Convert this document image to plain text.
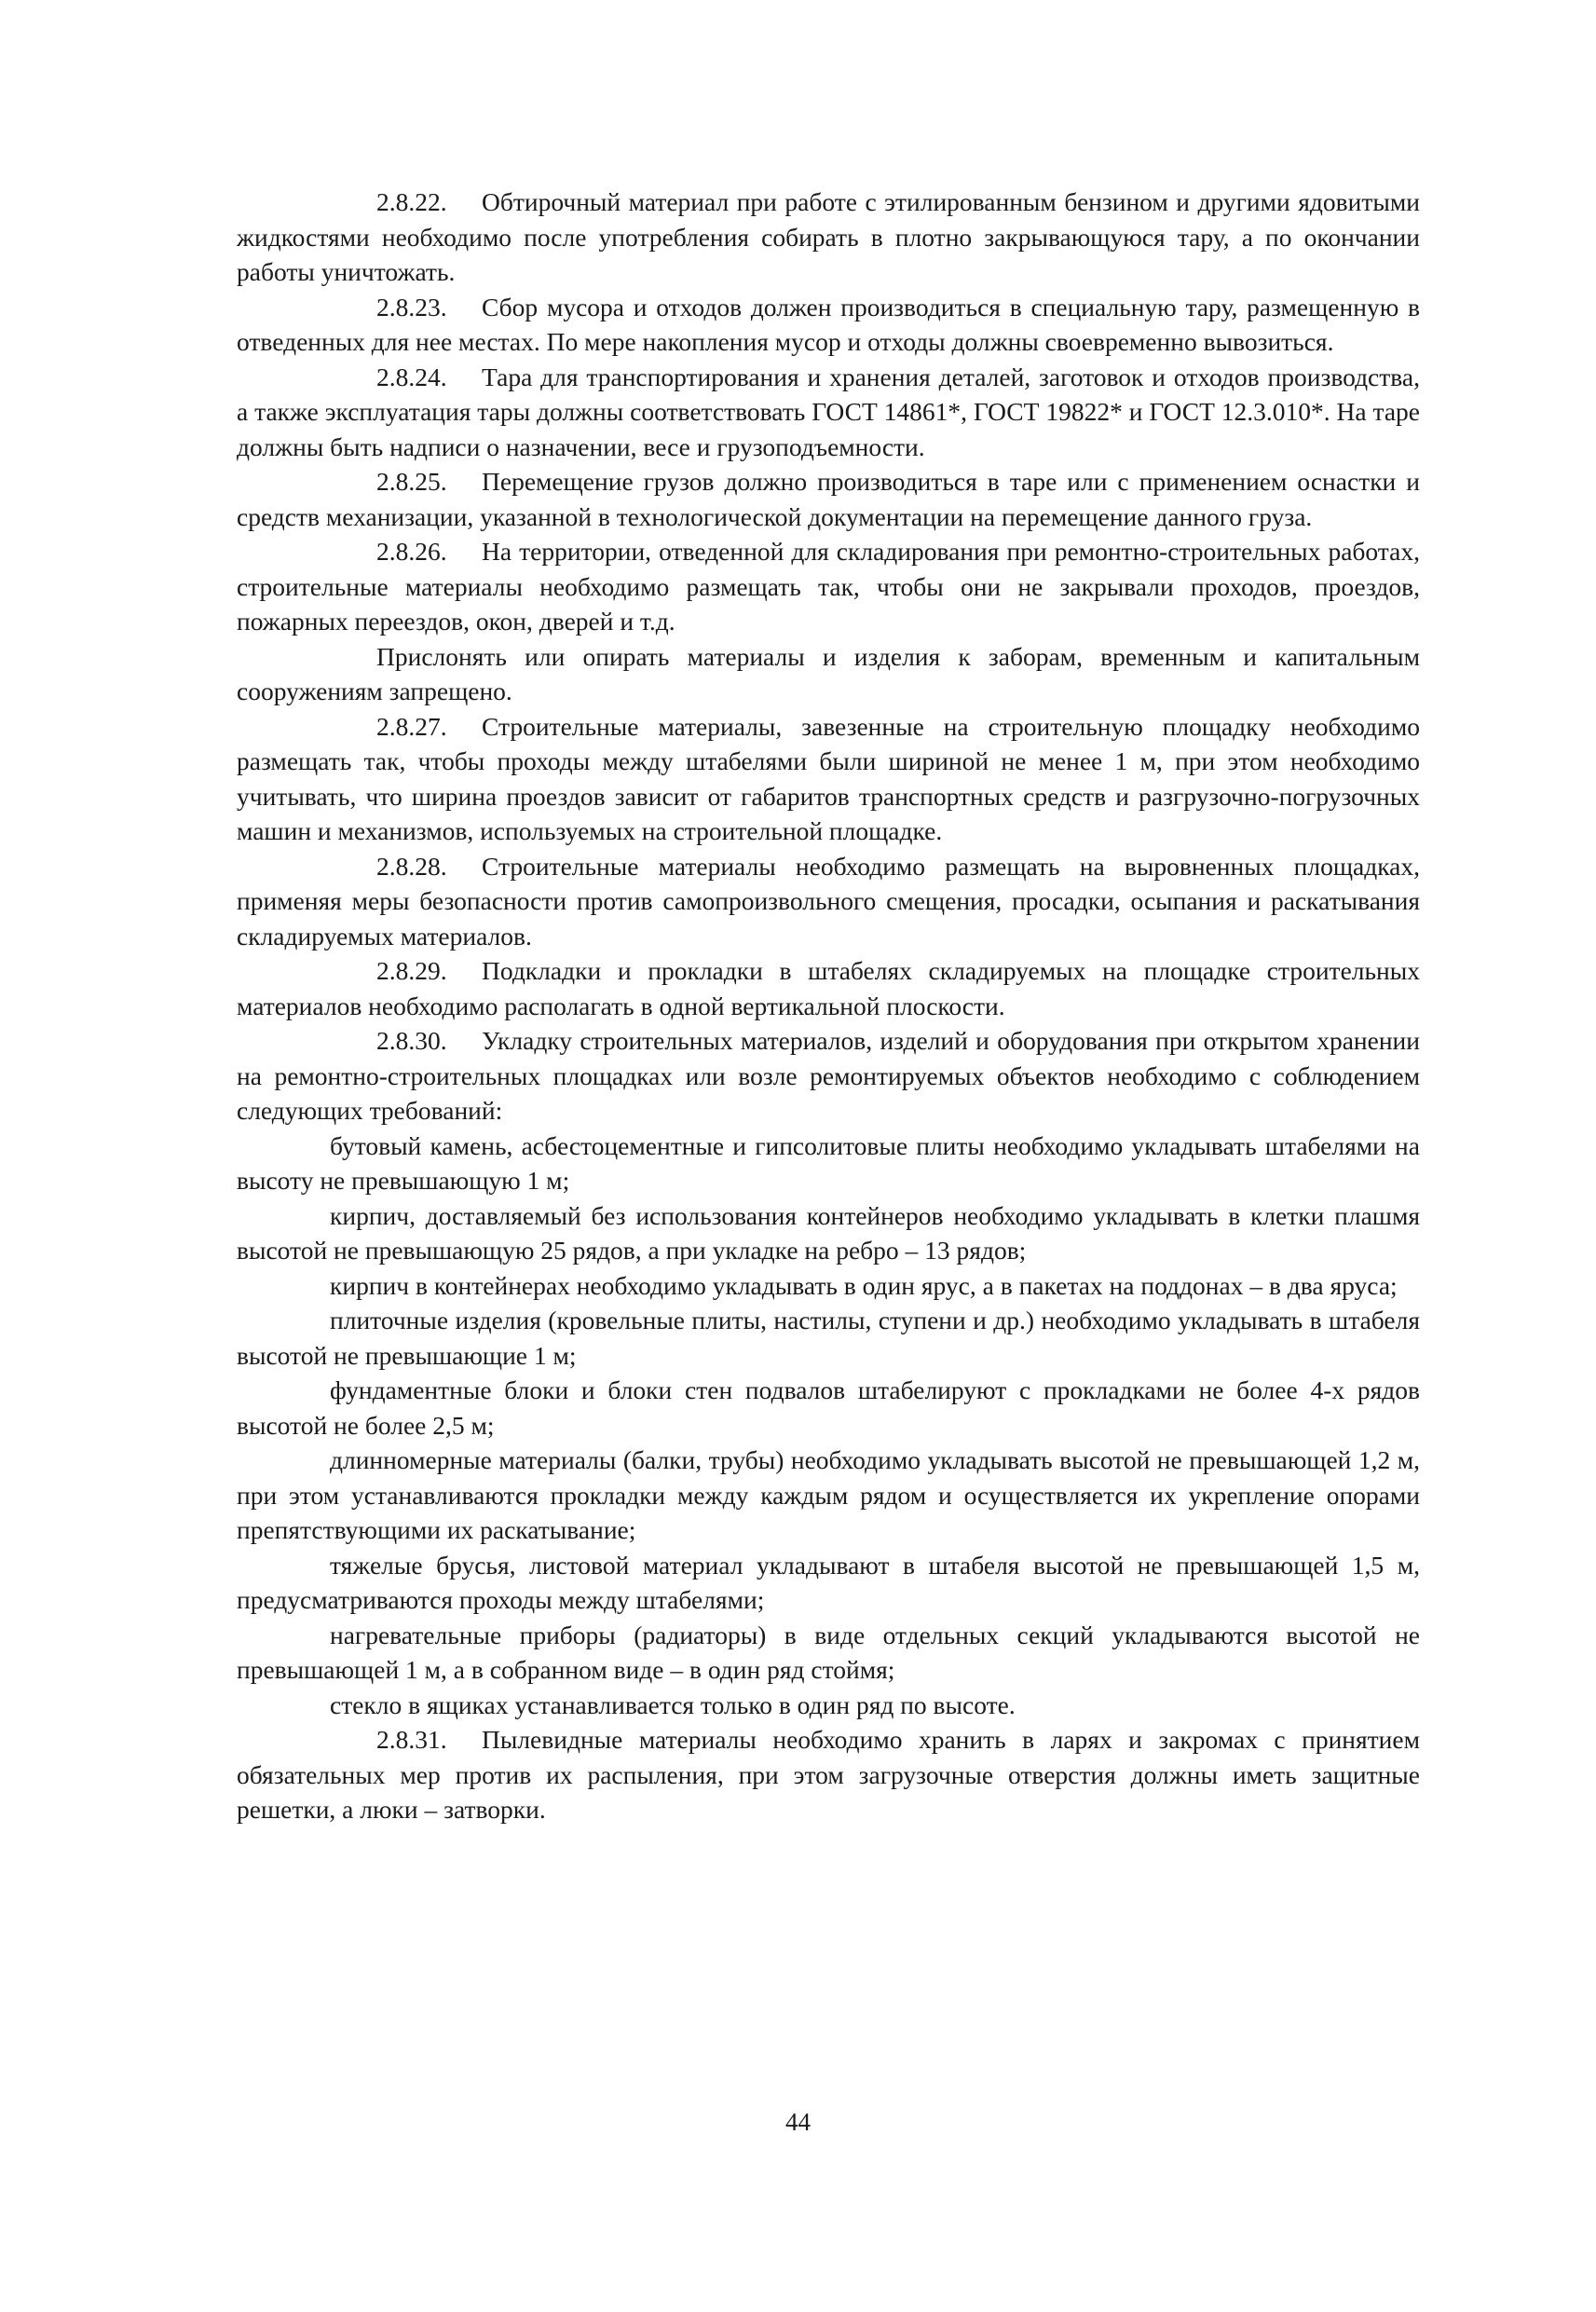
2.8.22. Обтирочный материал при работе с этилированным бензином и другими ядовитыми жидкостями необходимо после употребления собирать в плотно закрывающуюся тару, а по окончании работы уничтожать.

2.8.23. Сбор мусора и отходов должен производиться в специальную тару, размещенную в отведенных для нее местах. По мере накопления мусор и отходы должны своевременно вывозиться.

2.8.24. Тара для транспортирования и хранения деталей, заготовок и отходов производства, а также эксплуатация тары должны соответствовать ГОСТ 14861*, ГОСТ 19822* и ГОСТ 12.3.010*. На таре должны быть надписи о назначении, весе и грузоподъемности.

2.8.25. Перемещение грузов должно производиться в таре или с применением оснастки и средств механизации, указанной в технологической документации на перемещение данного груза.

2.8.26. На территории, отведенной для складирования при ремонтно-строительных работах, строительные материалы необходимо размещать так, чтобы они не закрывали проходов, проездов, пожарных переездов, окон, дверей и т.д.

Прислонять или опирать материалы и изделия к заборам, временным и капитальным сооружениям запрещено.

2.8.27. Строительные материалы, завезенные на строительную площадку необходимо размещать так, чтобы проходы между штабелями были шириной не менее 1 м, при этом необходимо учитывать, что ширина проездов зависит от габаритов транспортных средств и разгрузочно-погрузочных машин и механизмов, используемых на строительной площадке.

2.8.28. Строительные материалы необходимо размещать на выровненных площадках, применяя меры безопасности против самопроизвольного смещения, просадки, осыпания и раскатывания складируемых материалов.

2.8.29. Подкладки и прокладки в штабелях складируемых на площадке строительных материалов необходимо располагать в одной вертикальной плоскости.

2.8.30. Укладку строительных материалов, изделий и оборудования при открытом хранении на ремонтно-строительных площадках или возле ремонтируемых объектов необходимо с соблюдением следующих требований:

бутовый камень, асбестоцементные и гипсолитовые плиты необходимо укладывать штабелями на высоту не превышающую 1 м;

кирпич, доставляемый без использования контейнеров необходимо укладывать в клетки плашмя высотой не превышающую 25 рядов, а при укладке на ребро – 13 рядов;

кирпич в контейнерах необходимо укладывать в один ярус, а в пакетах на поддонах – в два яруса;

плиточные изделия (кровельные плиты, настилы, ступени и др.) необходимо укладывать в штабеля высотой не превышающие 1 м;

фундаментные блоки и блоки стен подвалов штабелируют с прокладками не более 4-х рядов высотой не более 2,5 м;

длинномерные материалы (балки, трубы) необходимо укладывать высотой не превышающей 1,2 м, при этом устанавливаются прокладки между каждым рядом и осуществляется их укрепление опорами препятствующими их раскатывание;

тяжелые брусья, листовой материал укладывают в штабеля высотой не превышающей 1,5 м, предусматриваются проходы между штабелями;

нагревательные приборы (радиаторы) в виде отдельных секций укладываются высотой не превышающей 1 м, а в собранном виде – в один ряд стоймя;

стекло в ящиках устанавливается только в один ряд по высоте.

2.8.31. Пылевидные материалы необходимо хранить в ларях и закромах с принятием обязательных мер против их распыления, при этом загрузочные отверстия должны иметь защитные решетки, а люки – затворки.

44
